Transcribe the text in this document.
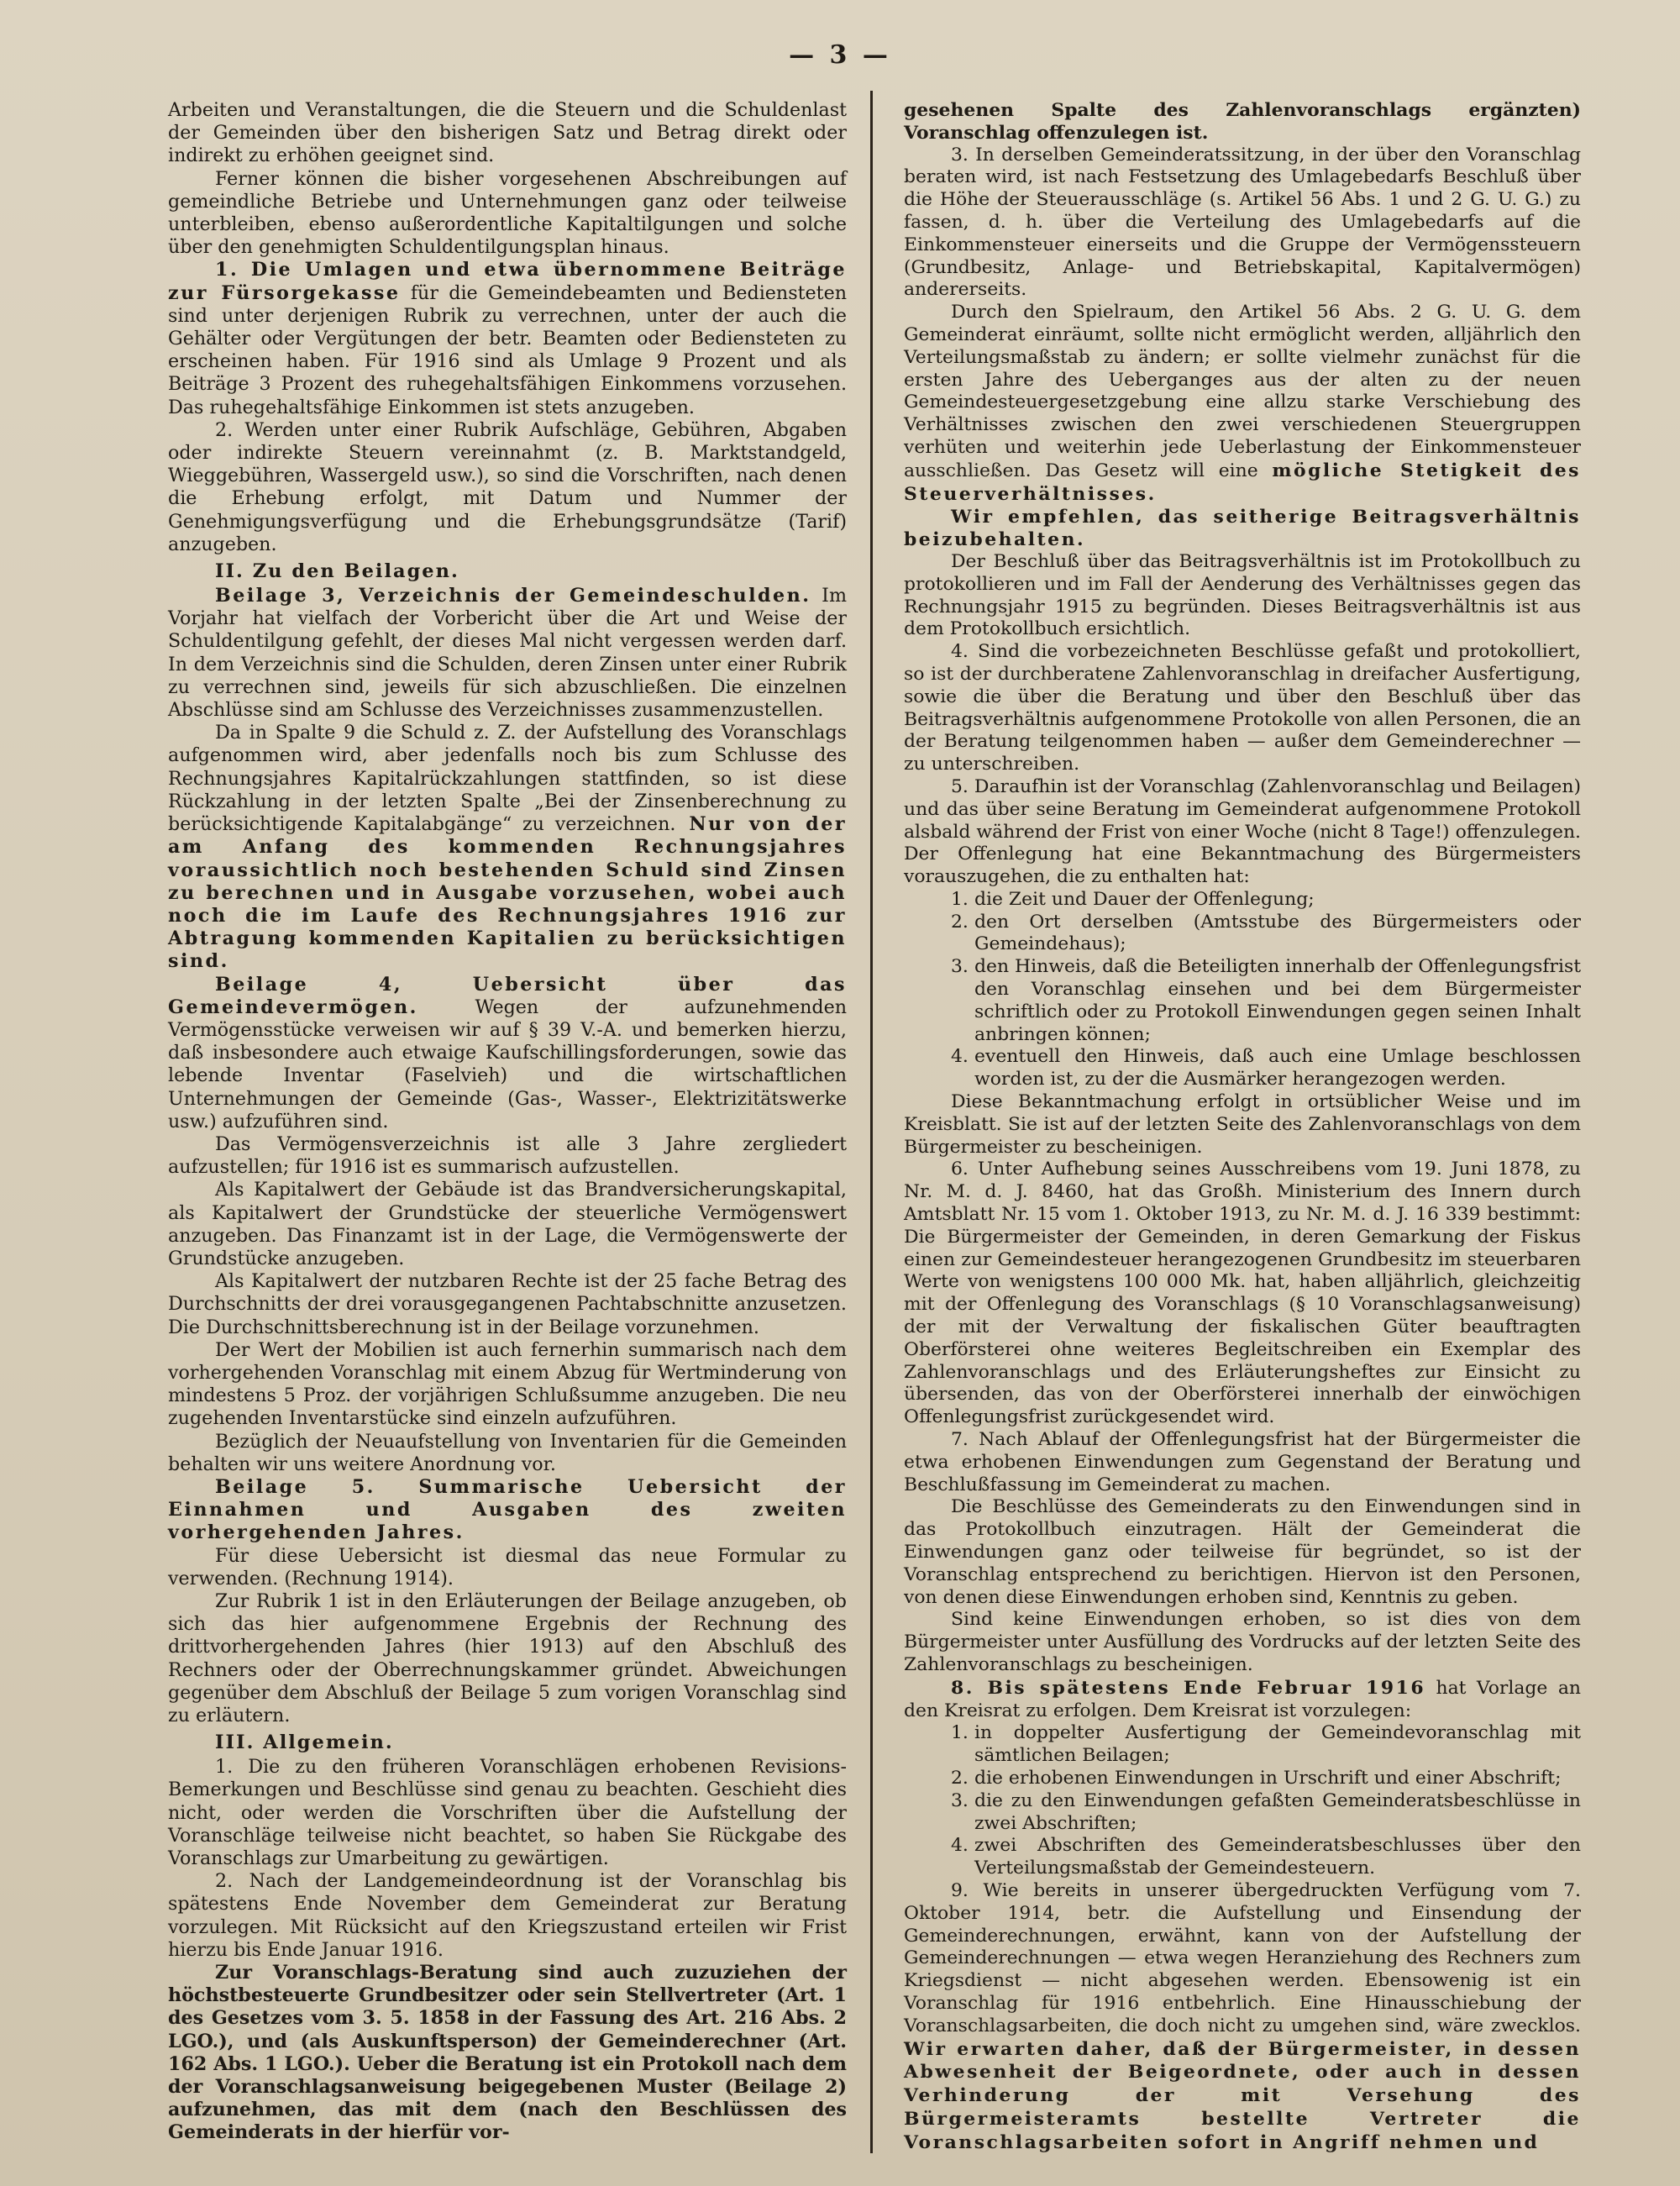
— 3 —

Arbeiten und Veranstaltungen, die die Steuern und die Schuldenlast der Gemeinden über den bisherigen Satz und Betrag direkt oder indirekt zu erhöhen geeignet sind.

Ferner können die bisher vorgesehenen Abschreibungen auf gemeindliche Betriebe und Unternehmungen ganz oder teilweise unterbleiben, ebenso außerordentliche Kapitaltilgungen und solche über den genehmigten Schuldentilgungsplan hinaus.

1. Die Umlagen und etwa übernommene Beiträge zur Fürsorgekasse für die Gemeindebeamten und Bediensteten sind unter derjenigen Rubrik zu verrechnen, unter der auch die Gehälter oder Vergütungen der betr. Beamten oder Bediensteten zu erscheinen haben. Für 1916 sind als Umlage 9 Prozent und als Beiträge 3 Prozent des ruhegehaltsfähigen Einkommens vorzusehen. Das ruhegehaltsfähige Einkommen ist stets anzugeben.

2. Werden unter einer Rubrik Aufschläge, Gebühren, Abgaben oder indirekte Steuern vereinnahmt (z. B. Marktstandgeld, Wieggebühren, Wassergeld usw.), so sind die Vorschriften, nach denen die Erhebung erfolgt, mit Datum und Nummer der Genehmigungsverfügung und die Erhebungsgrundsätze (Tarif) anzugeben.

II. Zu den Beilagen.

Beilage 3, Verzeichnis der Gemeindeschulden. Im Vorjahr hat vielfach der Vorbericht über die Art und Weise der Schuldentilgung gefehlt, der dieses Mal nicht vergessen werden darf. In dem Verzeichnis sind die Schulden, deren Zinsen unter einer Rubrik zu verrechnen sind, jeweils für sich abzuschließen. Die einzelnen Abschlüsse sind am Schlusse des Verzeichnisses zusammenzustellen.

Da in Spalte 9 die Schuld z. Z. der Aufstellung des Voranschlags aufgenommen wird, aber jedenfalls noch bis zum Schlusse des Rechnungsjahres Kapitalrückzahlungen stattfinden, so ist diese Rückzahlung in der letzten Spalte „Bei der Zinsenberechnung zu berücksichtigende Kapitalabgänge“ zu verzeichnen. Nur von der am Anfang des kommenden Rechnungsjahres voraussichtlich noch bestehenden Schuld sind Zinsen zu berechnen und in Ausgabe vorzusehen, wobei auch noch die im Laufe des Rechnungsjahres 1916 zur Abtragung kommenden Kapitalien zu berücksichtigen sind.

Beilage 4, Uebersicht über das Gemeindevermögen. Wegen der aufzunehmenden Vermögensstücke verweisen wir auf § 39 V.-A. und bemerken hierzu, daß insbesondere auch etwaige Kaufschillingsforderungen, sowie das lebende Inventar (Faselvieh) und die wirtschaftlichen Unternehmungen der Gemeinde (Gas-, Wasser-, Elektrizitätswerke usw.) aufzuführen sind.

Das Vermögensverzeichnis ist alle 3 Jahre zergliedert aufzustellen; für 1916 ist es summarisch aufzustellen.

Als Kapitalwert der Gebäude ist das Brandversicherungskapital, als Kapitalwert der Grundstücke der steuerliche Vermögenswert anzugeben. Das Finanzamt ist in der Lage, die Vermögenswerte der Grundstücke anzugeben.

Als Kapitalwert der nutzbaren Rechte ist der 25 fache Betrag des Durchschnitts der drei vorausgegangenen Pachtabschnitte anzusetzen. Die Durchschnittsberechnung ist in der Beilage vorzunehmen.

Der Wert der Mobilien ist auch fernerhin summarisch nach dem vorhergehenden Voranschlag mit einem Abzug für Wertminderung von mindestens 5 Proz. der vorjährigen Schlußsumme anzugeben. Die neu zugehenden Inventarstücke sind einzeln aufzuführen.

Bezüglich der Neuaufstellung von Inventarien für die Gemeinden behalten wir uns weitere Anordnung vor.

Beilage 5. Summarische Uebersicht der Einnahmen und Ausgaben des zweiten vorhergehenden Jahres.

Für diese Uebersicht ist diesmal das neue Formular zu verwenden. (Rechnung 1914).

Zur Rubrik 1 ist in den Erläuterungen der Beilage anzugeben, ob sich das hier aufgenommene Ergebnis der Rechnung des drittvorhergehenden Jahres (hier 1913) auf den Abschluß des Rechners oder der Oberrechnungskammer gründet. Abweichungen gegenüber dem Abschluß der Beilage 5 zum vorigen Voranschlag sind zu erläutern.

III. Allgemein.

1. Die zu den früheren Voranschlägen erhobenen Revisions-Bemerkungen und Beschlüsse sind genau zu beachten. Geschieht dies nicht, oder werden die Vorschriften über die Aufstellung der Voranschläge teilweise nicht beachtet, so haben Sie Rückgabe des Voranschlags zur Umarbeitung zu gewärtigen.

2. Nach der Landgemeindeordnung ist der Voranschlag bis spätestens Ende November dem Gemeinderat zur Beratung vorzulegen. Mit Rücksicht auf den Kriegszustand erteilen wir Frist hierzu bis Ende Januar 1916.

Zur Voranschlags-Beratung sind auch zuzuziehen der höchstbesteuerte Grundbesitzer oder sein Stellvertreter (Art. 1 des Gesetzes vom 3. 5. 1858 in der Fassung des Art. 216 Abs. 2 LGO.), und (als Auskunftsperson) der Gemeinderechner (Art. 162 Abs. 1 LGO.). Ueber die Beratung ist ein Protokoll nach dem der Voranschlagsanweisung beigegebenen Muster (Beilage 2) aufzunehmen, das mit dem (nach den Beschlüssen des Gemeinderats in der hierfür vor-

gesehenen Spalte des Zahlenvoranschlags ergänzten) Voranschlag offenzulegen ist.

3. In derselben Gemeinderatssitzung, in der über den Voranschlag beraten wird, ist nach Festsetzung des Umlagebedarfs Beschluß über die Höhe der Steuerausschläge (s. Artikel 56 Abs. 1 und 2 G. U. G.) zu fassen, d. h. über die Verteilung des Umlagebedarfs auf die Einkommensteuer einerseits und die Gruppe der Vermögenssteuern (Grundbesitz, Anlage- und Betriebskapital, Kapitalvermögen) andererseits.

Durch den Spielraum, den Artikel 56 Abs. 2 G. U. G. dem Gemeinderat einräumt, sollte nicht ermöglicht werden, alljährlich den Verteilungsmaßstab zu ändern; er sollte vielmehr zunächst für die ersten Jahre des Ueberganges aus der alten zu der neuen Gemeindesteuergesetzgebung eine allzu starke Verschiebung des Verhältnisses zwischen den zwei verschiedenen Steuergruppen verhüten und weiterhin jede Ueberlastung der Einkommensteuer ausschließen. Das Gesetz will eine mögliche Stetigkeit des Steuerverhältnisses.

Wir empfehlen, das seitherige Beitragsverhältnis beizubehalten.

Der Beschluß über das Beitragsverhältnis ist im Protokollbuch zu protokollieren und im Fall der Aenderung des Verhältnisses gegen das Rechnungsjahr 1915 zu begründen. Dieses Beitragsverhältnis ist aus dem Protokollbuch ersichtlich.

4. Sind die vorbezeichneten Beschlüsse gefaßt und protokolliert, so ist der durchberatene Zahlenvoranschlag in dreifacher Ausfertigung, sowie die über die Beratung und über den Beschluß über das Beitragsverhältnis aufgenommene Protokolle von allen Personen, die an der Beratung teilgenommen haben — außer dem Gemeinderechner — zu unterschreiben.

5. Daraufhin ist der Voranschlag (Zahlenvoranschlag und Beilagen) und das über seine Beratung im Gemeinderat aufgenommene Protokoll alsbald während der Frist von einer Woche (nicht 8 Tage!) offenzulegen. Der Offenlegung hat eine Bekanntmachung des Bürgermeisters vorauszugehen, die zu enthalten hat:

1. die Zeit und Dauer der Offenlegung;
2. den Ort derselben (Amtsstube des Bürgermeisters oder Gemeindehaus);
3. den Hinweis, daß die Beteiligten innerhalb der Offenlegungsfrist den Voranschlag einsehen und bei dem Bürgermeister schriftlich oder zu Protokoll Einwendungen gegen seinen Inhalt anbringen können;
4. eventuell den Hinweis, daß auch eine Umlage beschlossen worden ist, zu der die Ausmärker herangezogen werden.

Diese Bekanntmachung erfolgt in ortsüblicher Weise und im Kreisblatt. Sie ist auf der letzten Seite des Zahlenvoranschlags von dem Bürgermeister zu bescheinigen.

6. Unter Aufhebung seines Ausschreibens vom 19. Juni 1878, zu Nr. M. d. J. 8460, hat das Großh. Ministerium des Innern durch Amtsblatt Nr. 15 vom 1. Oktober 1913, zu Nr. M. d. J. 16 339 bestimmt: Die Bürgermeister der Gemeinden, in deren Gemarkung der Fiskus einen zur Gemeindesteuer herangezogenen Grundbesitz im steuerbaren Werte von wenigstens 100 000 Mk. hat, haben alljährlich, gleichzeitig mit der Offenlegung des Voranschlags (§ 10 Voranschlagsanweisung) der mit der Verwaltung der fiskalischen Güter beauftragten Oberförsterei ohne weiteres Begleitschreiben ein Exemplar des Zahlenvoranschlags und des Erläuterungsheftes zur Einsicht zu übersenden, das von der Oberförsterei innerhalb der einwöchigen Offenlegungsfrist zurückgesendet wird.

7. Nach Ablauf der Offenlegungsfrist hat der Bürgermeister die etwa erhobenen Einwendungen zum Gegenstand der Beratung und Beschlußfassung im Gemeinderat zu machen.

Die Beschlüsse des Gemeinderats zu den Einwendungen sind in das Protokollbuch einzutragen. Hält der Gemeinderat die Einwendungen ganz oder teilweise für begründet, so ist der Voranschlag entsprechend zu berichtigen. Hiervon ist den Personen, von denen diese Einwendungen erhoben sind, Kenntnis zu geben.

Sind keine Einwendungen erhoben, so ist dies von dem Bürgermeister unter Ausfüllung des Vordrucks auf der letzten Seite des Zahlenvoranschlags zu bescheinigen.

8. Bis spätestens Ende Februar 1916 hat Vorlage an den Kreisrat zu erfolgen. Dem Kreisrat ist vorzulegen:

1. in doppelter Ausfertigung der Gemeindevoranschlag mit sämtlichen Beilagen;
2. die erhobenen Einwendungen in Urschrift und einer Abschrift;
3. die zu den Einwendungen gefaßten Gemeinderatsbeschlüsse in zwei Abschriften;
4. zwei Abschriften des Gemeinderatsbeschlusses über den Verteilungsmaßstab der Gemeindesteuern.

9. Wie bereits in unserer übergedruckten Verfügung vom 7. Oktober 1914, betr. die Aufstellung und Einsendung der Gemeinderechnungen, erwähnt, kann von der Aufstellung der Gemeinderechnungen — etwa wegen Heranziehung des Rechners zum Kriegsdienst — nicht abgesehen werden. Ebensowenig ist ein Voranschlag für 1916 entbehrlich. Eine Hinausschiebung der Voranschlagsarbeiten, die doch nicht zu umgehen sind, wäre zwecklos. Wir erwarten daher, daß der Bürgermeister, in dessen Abwesenheit der Beigeordnete, oder auch in dessen Verhinderung der mit Versehung des Bürgermeisteramts bestellte Vertreter die Voranschlagsarbeiten sofort in Angriff nehmen und
